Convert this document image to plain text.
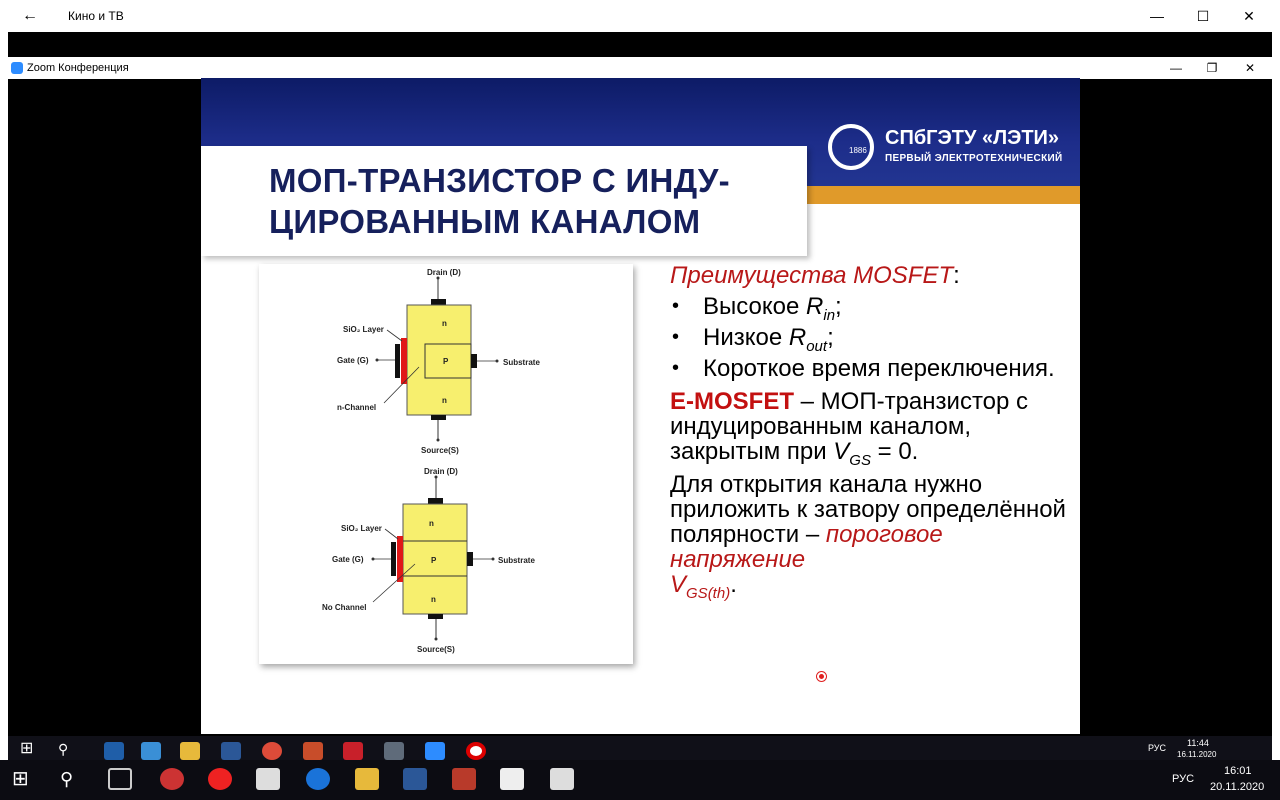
←	Кино и ТВ	—	☐	✕
Zoom Конференция	—	❐	✕
1886
СПбГЭТУ «ЛЭТИ»
ПЕРВЫЙ ЭЛЕКТРОТЕХНИЧЕСКИЙ
МОП-ТРАНЗИСТОР С ИНДУ-
ЦИРОВАННЫМ КАНАЛОМ
Drain (D)
n
P
n
SiO₂ Layer
Gate (G)	Substrate
n-Channel
Source(S)
Drain (D)
n
P
n
SiO₂ Layer
Gate (G)	Substrate
No Channel
Source(S)
Преимущества MOSFET:
• Высокое $R_{in}$;
• Низкое $R_{out}$;
• Короткое время переключения.

E-MOSFET – МОП-транзистор с индуцированным каналом, закрытым при $V_{GS} = 0$.

Для открытия канала нужно приложить к затвору определённой полярности – пороговое напряжение
$V_{GS(th)}$.

⊞	⚲	РУС 11:44
16.11.2020
⊞	⚲	РУС
16:01
20.11.2020
